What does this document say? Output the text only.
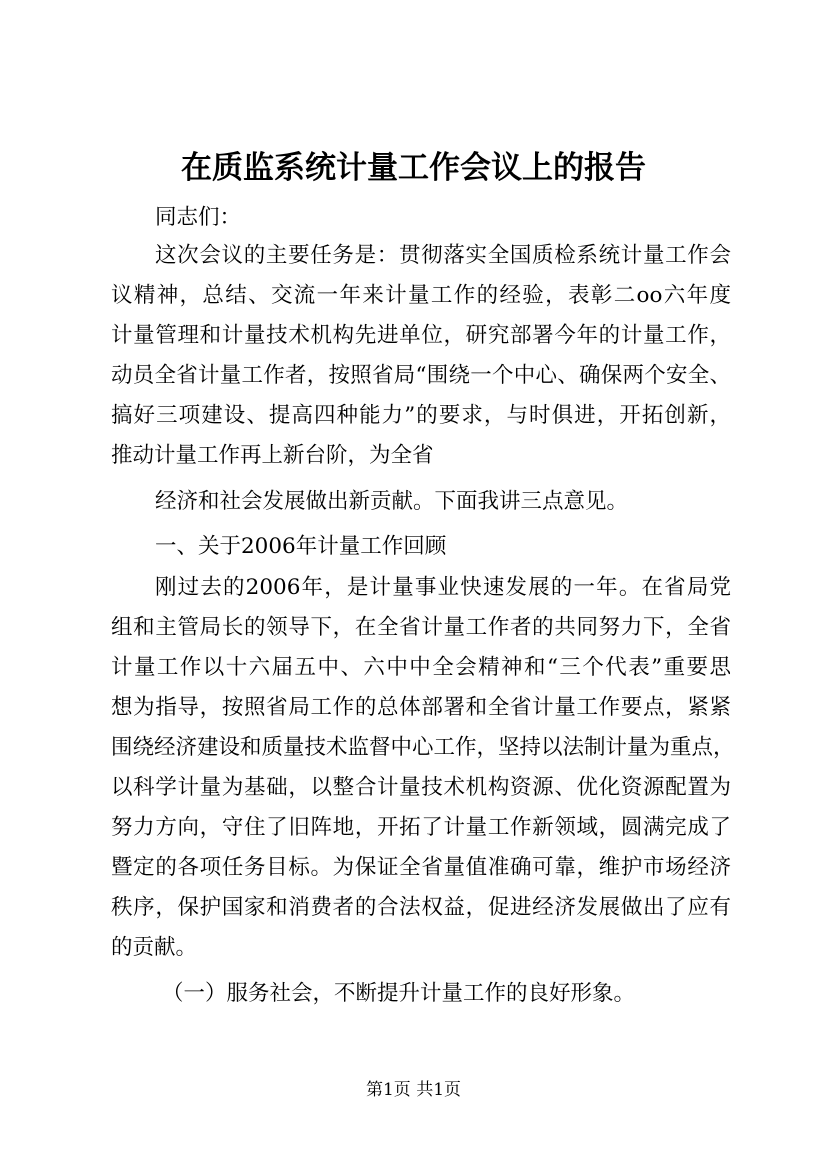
在质监系统计量工作会议上的报告

同志们：

这次会议的主要任务是：贯彻落实全国质检系统计量工作会

议精神，总结、交流一年来计量工作的经验，表彰二oo六年度

计量管理和计量技术机构先进单位，研究部署今年的计量工作，

动员全省计量工作者，按照省局“围绕一个中心、确保两个安全、

搞好三项建设、提高四种能力”的要求，与时俱进，开拓创新，

推动计量工作再上新台阶，为全省

经济和社会发展做出新贡献。下面我讲三点意见。

一、关于2006年计量工作回顾

刚过去的2006年，是计量事业快速发展的一年。在省局党

组和主管局长的领导下，在全省计量工作者的共同努力下，全省

计量工作以十六届五中、六中中全会精神和“三个代表”重要思

想为指导，按照省局工作的总体部署和全省计量工作要点，紧紧

围绕经济建设和质量技术监督中心工作，坚持以法制计量为重点，

以科学计量为基础，以整合计量技术机构资源、优化资源配置为

努力方向，守住了旧阵地，开拓了计量工作新领域，圆满完成了

暨定的各项任务目标。为保证全省量值准确可靠，维护市场经济

秩序，保护国家和消费者的合法权益，促进经济发展做出了应有

的贡献。

（一）服务社会，不断提升计量工作的良好形象。

第1页 共1页
